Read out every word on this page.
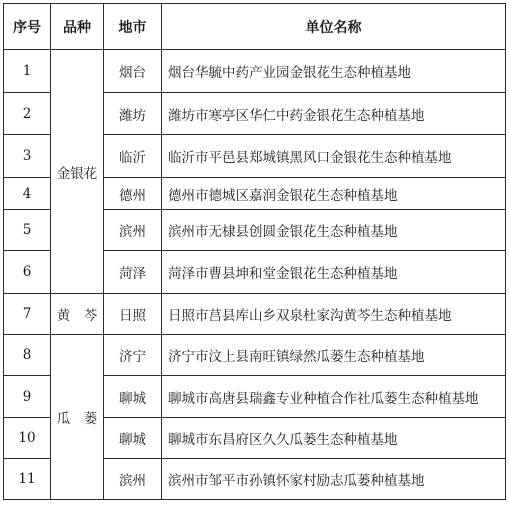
序号	品种	地市	单位名称
1	金银花	烟台	烟台华毓中药产业园金银花生态种植基地
2		潍坊	潍坊市寒亭区华仁中药金银花生态种植基地
3		临沂	临沂市平邑县郑城镇黑风口金银花生态种植基地
4		德州	德州市德城区嘉润金银花生态种植基地
5		滨州	滨州市无棣县创圆金银花生态种植基地
6		菏泽	菏泽市曹县坤和堂金银花生态种植基地
7	黄　芩	日照	日照市莒县库山乡双泉杜家沟黄芩生态种植基地
8	瓜　蒌	济宁	济宁市汶上县南旺镇绿然瓜蒌生态种植基地
9		聊城	聊城市高唐县瑞鑫专业种植合作社瓜蒌生态种植基地
10		聊城	聊城市东昌府区久久瓜蒌生态种植基地
11		滨州	滨州市邹平市孙镇怀家村励志瓜蒌种植基地
